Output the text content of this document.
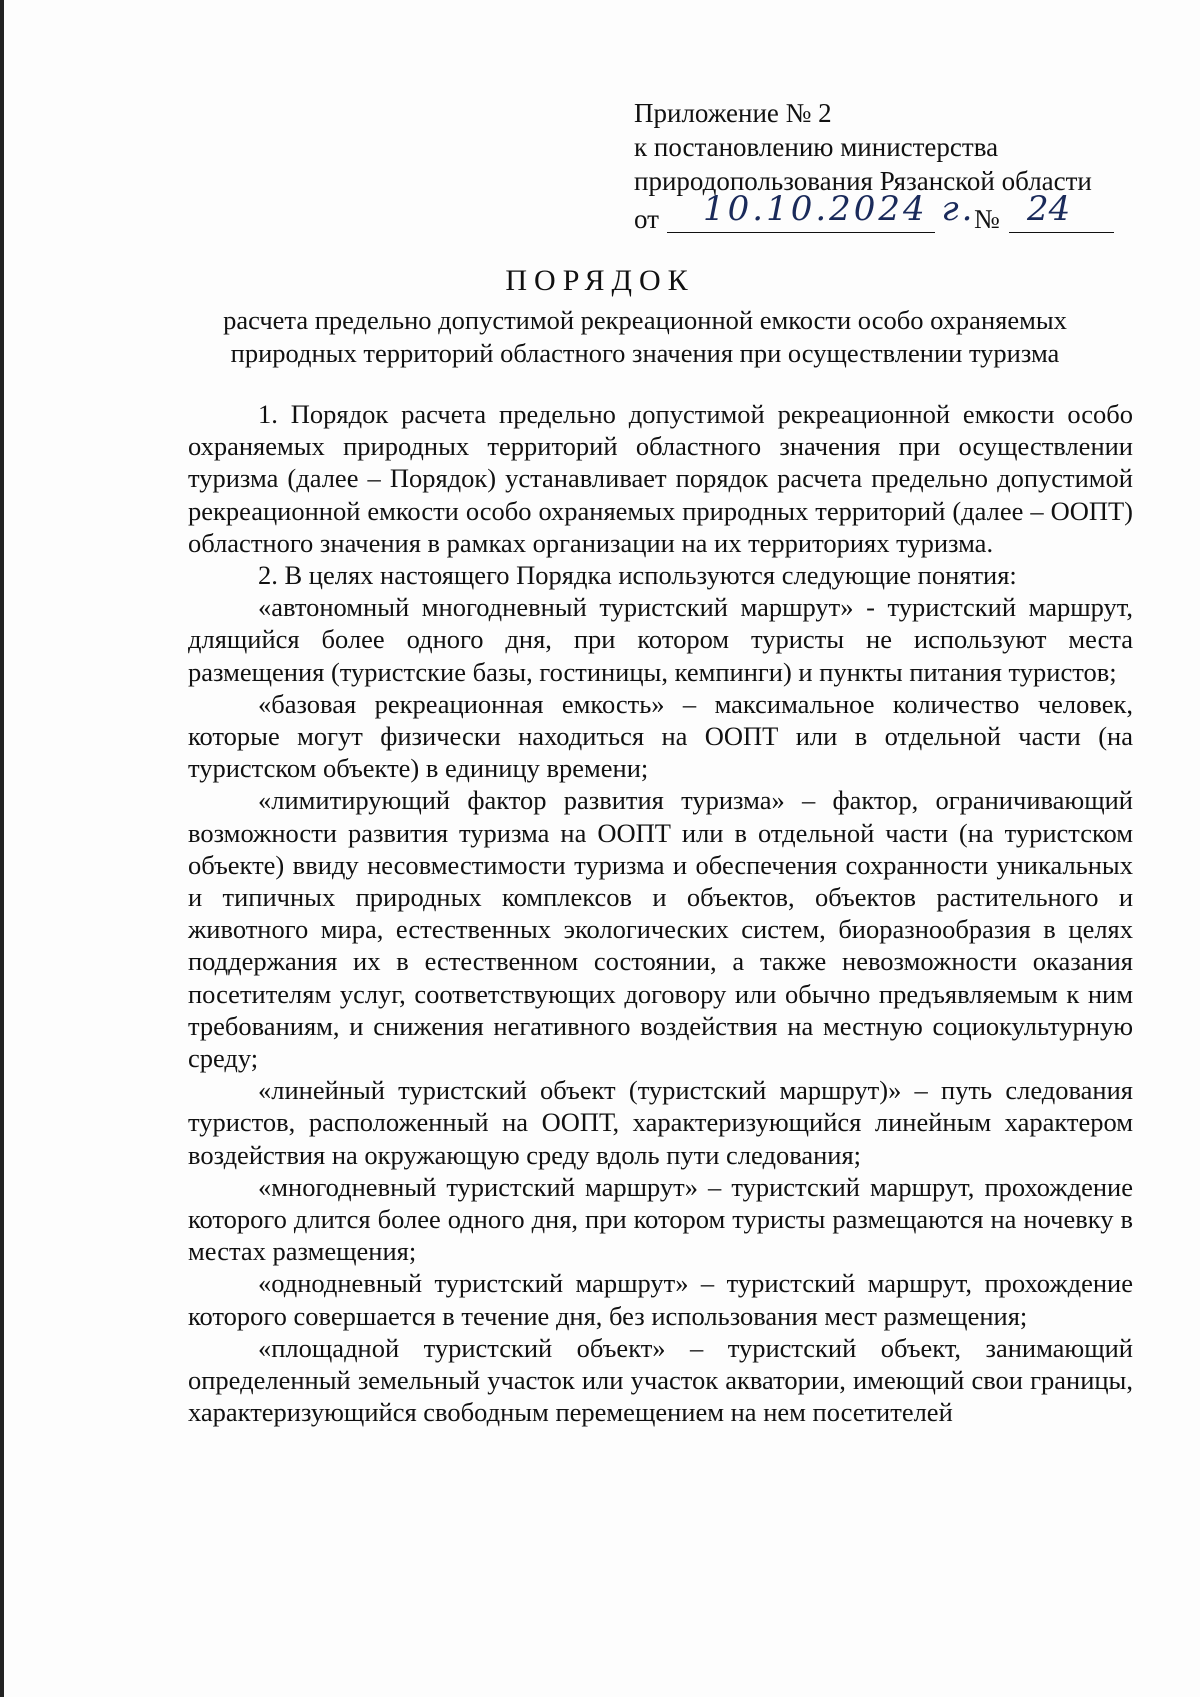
Приложение № 2
к постановлению министерства
природопользования Рязанской области
от 10.10.2024 г.
№ 24
ПОРЯДОК
расчета предельно допустимой рекреационной емкости особо охраняемых природных территорий областного значения при осуществлении туризма

1. Порядок расчета предельно допустимой рекреационной емкости особо охраняемых природных территорий областного значения при осуществлении туризма (далее – Порядок) устанавливает порядок расчета предельно допустимой рекреационной емкости особо охраняемых природных территорий (далее – ООПТ) областного значения в рамках организации на их территориях туризма.

2. В целях настоящего Порядка используются следующие понятия:

«автономный многодневный туристский маршрут» - туристский маршрут, длящийся более одного дня, при котором туристы не используют места размещения (туристские базы, гостиницы, кемпинги) и пункты питания туристов;

«базовая рекреационная емкость» – максимальное количество человек, которые могут физически находиться на ООПТ или в отдельной части (на туристском объекте) в единицу времени;

«лимитирующий фактор развития туризма» – фактор, ограничивающий возможности развития туризма на ООПТ или в отдельной части (на туристском объекте) ввиду несовместимости туризма и обеспечения сохранности уникальных и типичных природных комплексов и объектов, объектов растительного и животного мира, естественных экологических систем, биоразнообразия в целях поддержания их в естественном состоянии, а также невозможности оказания посетителям услуг, соответствующих договору или обычно предъявляемым к ним требованиям, и снижения негативного воздействия на местную социокультурную среду;

«линейный туристский объект (туристский маршрут)» – путь следования туристов, расположенный на ООПТ, характеризующийся линейным характером воздействия на окружающую среду вдоль пути следования;

«многодневный туристский маршрут» – туристский маршрут, прохождение которого длится более одного дня, при котором туристы размещаются на ночевку в местах размещения;

«однодневный туристский маршрут» – туристский маршрут, прохождение которого совершается в течение дня, без использования мест размещения;

«площадной туристский объект» – туристский объект, занимающий определенный земельный участок или участок акватории, имеющий свои границы, характеризующийся свободным перемещением на нем посетителей
